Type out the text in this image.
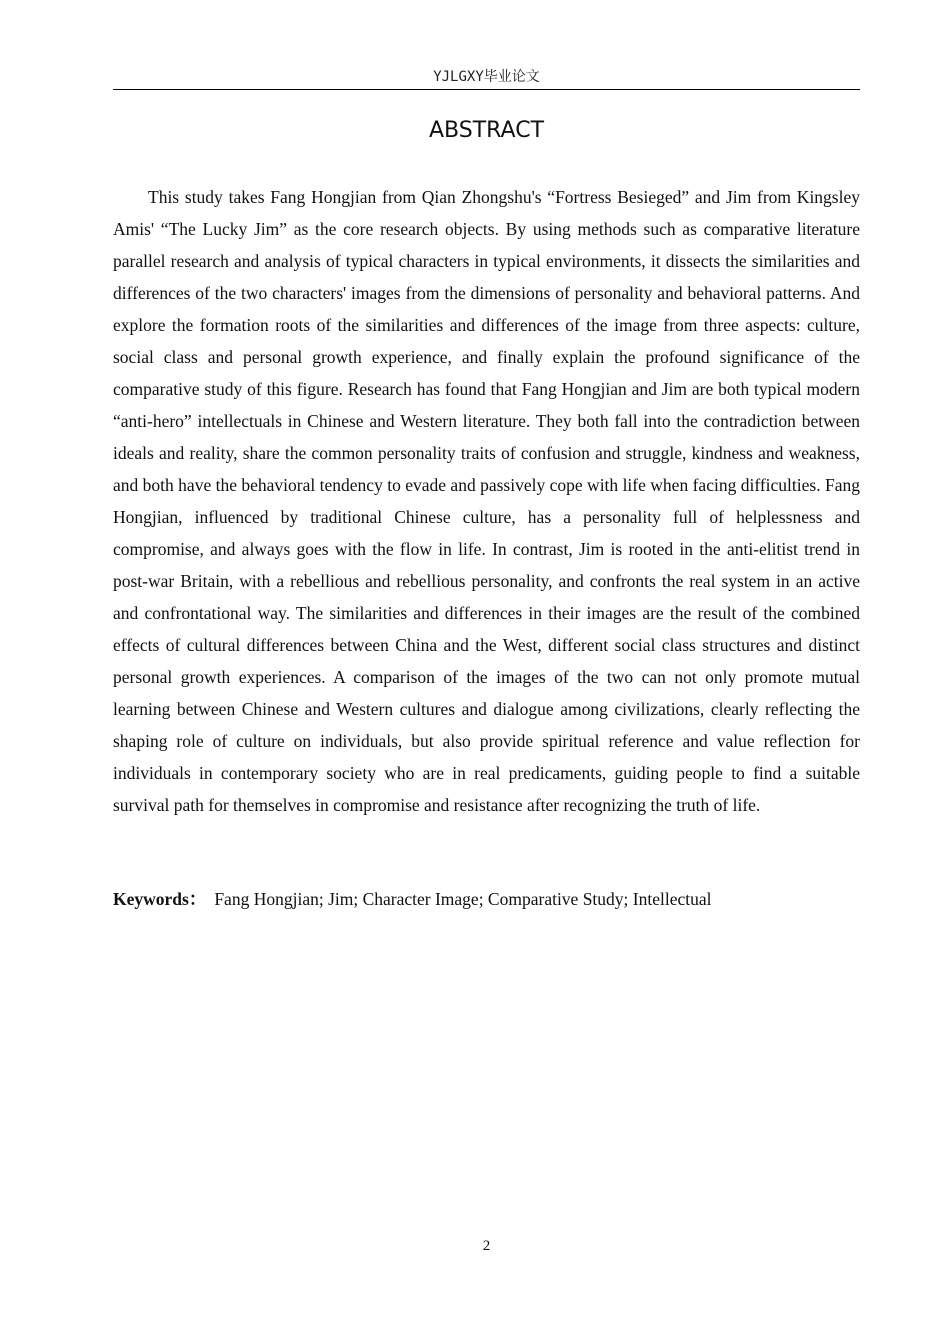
YJLGXY毕业论文
ABSTRACT

This study takes Fang Hongjian from Qian Zhongshu's “Fortress Besieged” and Jim from Kingsley Amis' “The Lucky Jim” as the core research objects. By using methods such as comparative literature parallel research and analysis of typical characters in typical environments, it dissects the similarities and differences of the two characters' images from the dimensions of personality and behavioral patterns. And explore the formation roots of the similarities and differences of the image from three aspects: culture, social class and personal growth experience, and finally explain the profound significance of the comparative study of this figure. Research has found that Fang Hongjian and Jim are both typical modern “anti-hero” intellectuals in Chinese and Western literature. They both fall into the contradiction between ideals and reality, share the common personality traits of confusion and struggle, kindness and weakness, and both have the behavioral tendency to evade and passively cope with life when facing difficulties. Fang Hongjian, influenced by traditional Chinese culture, has a personality full of helplessness and compromise, and always goes with the flow in life. In contrast, Jim is rooted in the anti-elitist trend in post-war Britain, with a rebellious and rebellious personality, and confronts the real system in an active and confrontational way. The similarities and differences in their images are the result of the combined effects of cultural differences between China and the West, different social class structures and distinct personal growth experiences. A comparison of the images of the two can not only promote mutual learning between Chinese and Western cultures and dialogue among civilizations, clearly reflecting the shaping role of culture on individuals, but also provide spiritual reference and value reflection for individuals in contemporary society who are in real predicaments, guiding people to find a suitable survival path for themselves in compromise and resistance after recognizing the truth of life.

Keywords： Fang Hongjian; Jim; Character Image; Comparative Study; Intellectual

2
